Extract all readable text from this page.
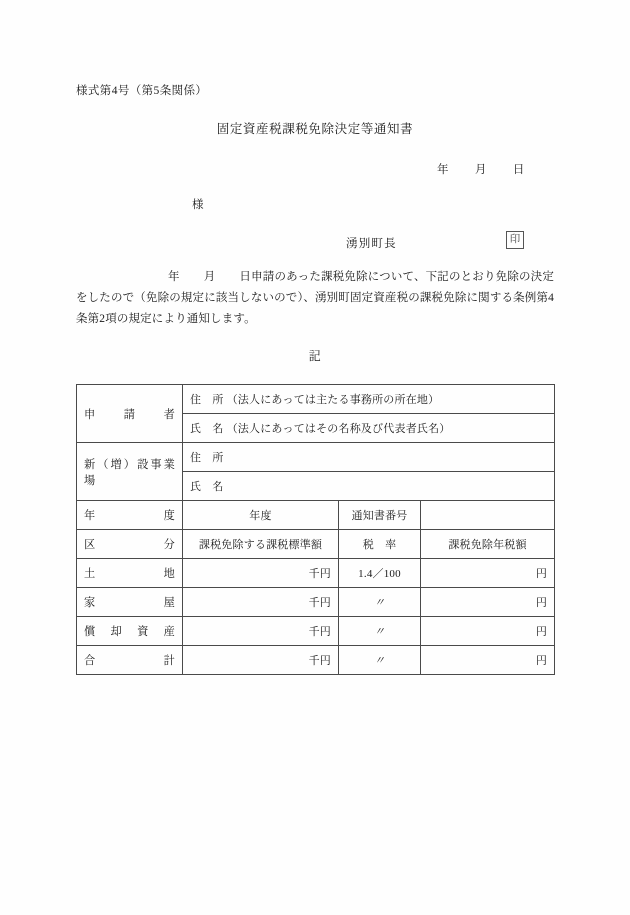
様式第4号（第5条関係）
固定資産税課税免除決定等通知書
年 月 日
様
湧別町長	印
年 月 日申請のあった課税免除について、下記のとおり免除の決定をしたので（免除の規定に該当しないので）、湧別町固定資産税の課税免除に関する条例第4条第2項の規定により通知します。
記
申請者	住　所 （法人にあっては主たる事務所の所在地）		
	氏　名 （法人にあってはその名称及び代表者氏名）		

新（増）設事業場	住　所		
	氏　名		

年度	年度	通知書番号	

区分	課税免除する課税標準額	税　率	課税免除年税額

土地	千円	1.4／100	円

家屋	千円	〃	円

償却資産	千円	〃	円

合計	千円	〃	円
